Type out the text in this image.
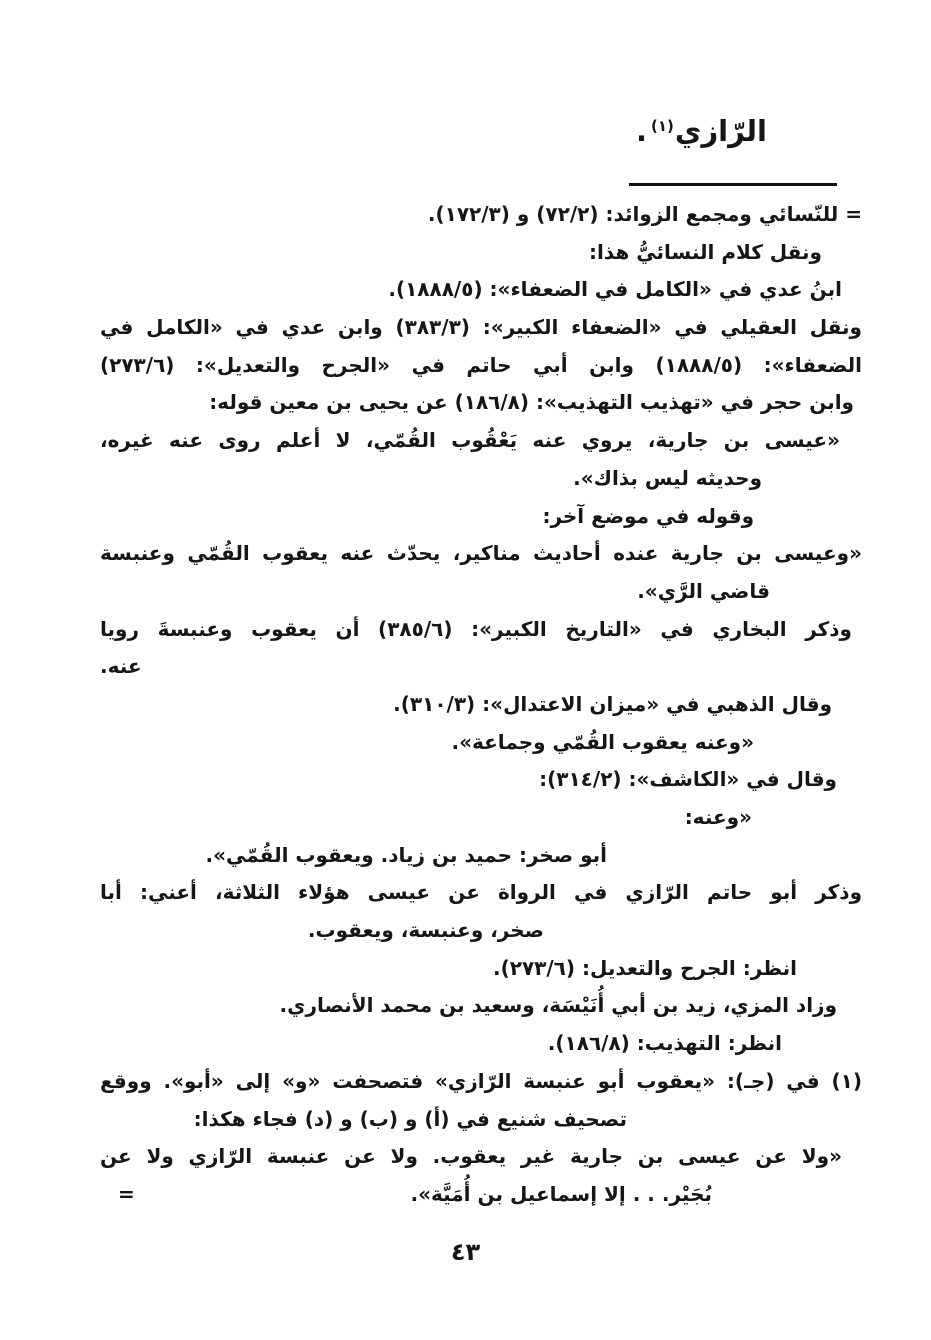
الرّازي$^{(١)}$.
= للنّسائي ومجمع الزوائد: (٧٢/٢) و (١٧٢/٣).
ونقل كلام النسائيُّ هذا:
ابنُ عدي في «الكامل في الضعفاء»: (١٨٨٨/٥).
ونقل العقيلي في «الضعفاء الكبير»: (٣٨٣/٣) وابن عدي في «الكامل في
الضعفاء»: (١٨٨٨/٥) وابن أبي حاتم في «الجرح والتعديل»: (٢٧٣/٦)
وابن حجر في «تهذيب التهذيب»: (١٨٦/٨) عن يحيى بن معين قوله:
«عيسى بن جارية، يروي عنه يَعْقُوب القُمّي، لا أعلم روى عنه غيره،
وحديثه ليس بذاك».
وقوله في موضع آخر:
«وعيسى بن جارية عنده أحاديث مناكير، يحدّث عنه يعقوب القُمّي وعنبسة
قاضي الرَّي».
وذكر البخاري في «التاريخ الكبير»: (٣٨٥/٦) أن يعقوب وعنبسةَ رويا
عنه.
وقال الذهبي في «ميزان الاعتدال»: (٣١٠/٣).
«وعنه يعقوب القُمّي وجماعة».
وقال في «الكاشف»: (٣١٤/٢):
«وعنه:
أبو صخر: حميد بن زياد. ويعقوب القُمّي».
وذكر أبو حاتم الرّازي في الرواة عن عيسى هؤلاء الثلاثة، أعني: أبا
صخر، وعنبسة، ويعقوب.
انظر: الجرح والتعديل: (٢٧٣/٦).
وزاد المزي، زيد بن أبي أُنَيْسَة، وسعيد بن محمد الأنصاري.
انظر: التهذيب: (١٨٦/٨).
(١) في (جـ): «يعقوب أبو عنبسة الرّازي» فتصحفت «و» إلى «أبو». ووقع
تصحيف شنيع في (أ) و (ب) و (د) فجاء هكذا:
«ولا عن عيسى بن جارية غير يعقوب. ولا عن عنبسة الرّازي ولا عن
بُجَيْر. . . إلا إسماعيل بن أُمَيَّة».
=
٤٣
